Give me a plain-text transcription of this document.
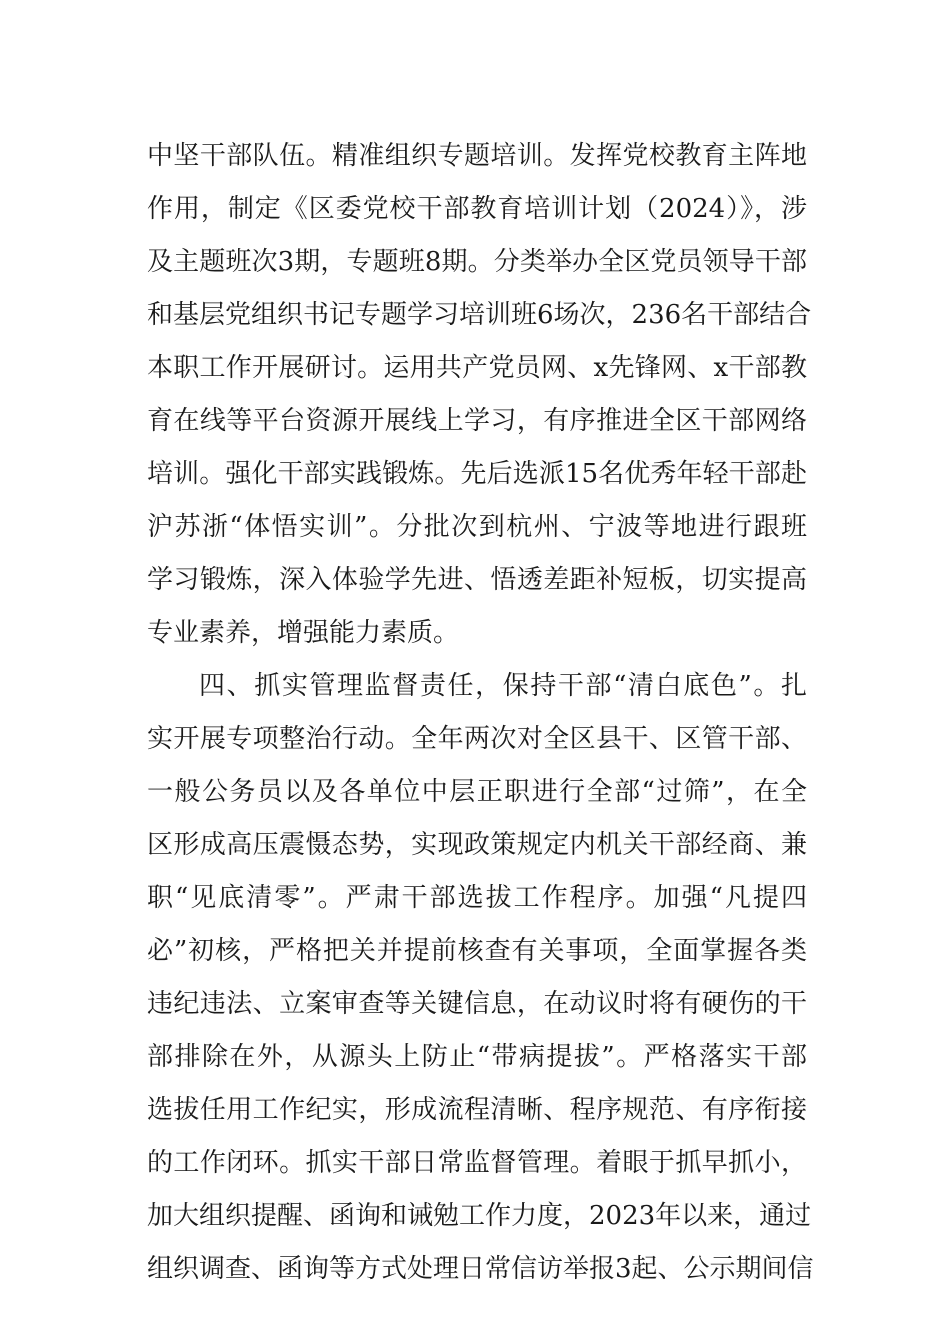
中坚干部队伍。精准组织专题培训。发挥党校教育主阵地
作用，制定《区委党校干部教育培训计划（2024）》，涉
及主题班次3期，专题班8期。分类举办全区党员领导干部
和基层党组织书记专题学习培训班6场次，236名干部结合
本职工作开展研讨。运用共产党员网、x先锋网、x干部教
育在线等平台资源开展线上学习，有序推进全区干部网络
培训。强化干部实践锻炼。先后选派15名优秀年轻干部赴
沪苏浙“体悟实训”。分批次到杭州、宁波等地进行跟班
学习锻炼，深入体验学先进、悟透差距补短板，切实提高
专业素养，增强能力素质。
四、抓实管理监督责任，保持干部“清白底色”。扎
实开展专项整治行动。全年两次对全区县干、区管干部、
一般公务员以及各单位中层正职进行全部“过筛”，在全
区形成高压震慑态势，实现政策规定内机关干部经商、兼
职“见底清零”。严肃干部选拔工作程序。加强“凡提四
必”初核，严格把关并提前核查有关事项，全面掌握各类
违纪违法、立案审查等关键信息，在动议时将有硬伤的干
部排除在外，从源头上防止“带病提拔”。严格落实干部
选拔任用工作纪实，形成流程清晰、程序规范、有序衔接
的工作闭环。抓实干部日常监督管理。着眼于抓早抓小，
加大组织提醒、函询和诫勉工作力度，2023年以来，通过
组织调查、函询等方式处理日常信访举报3起、公示期间信
